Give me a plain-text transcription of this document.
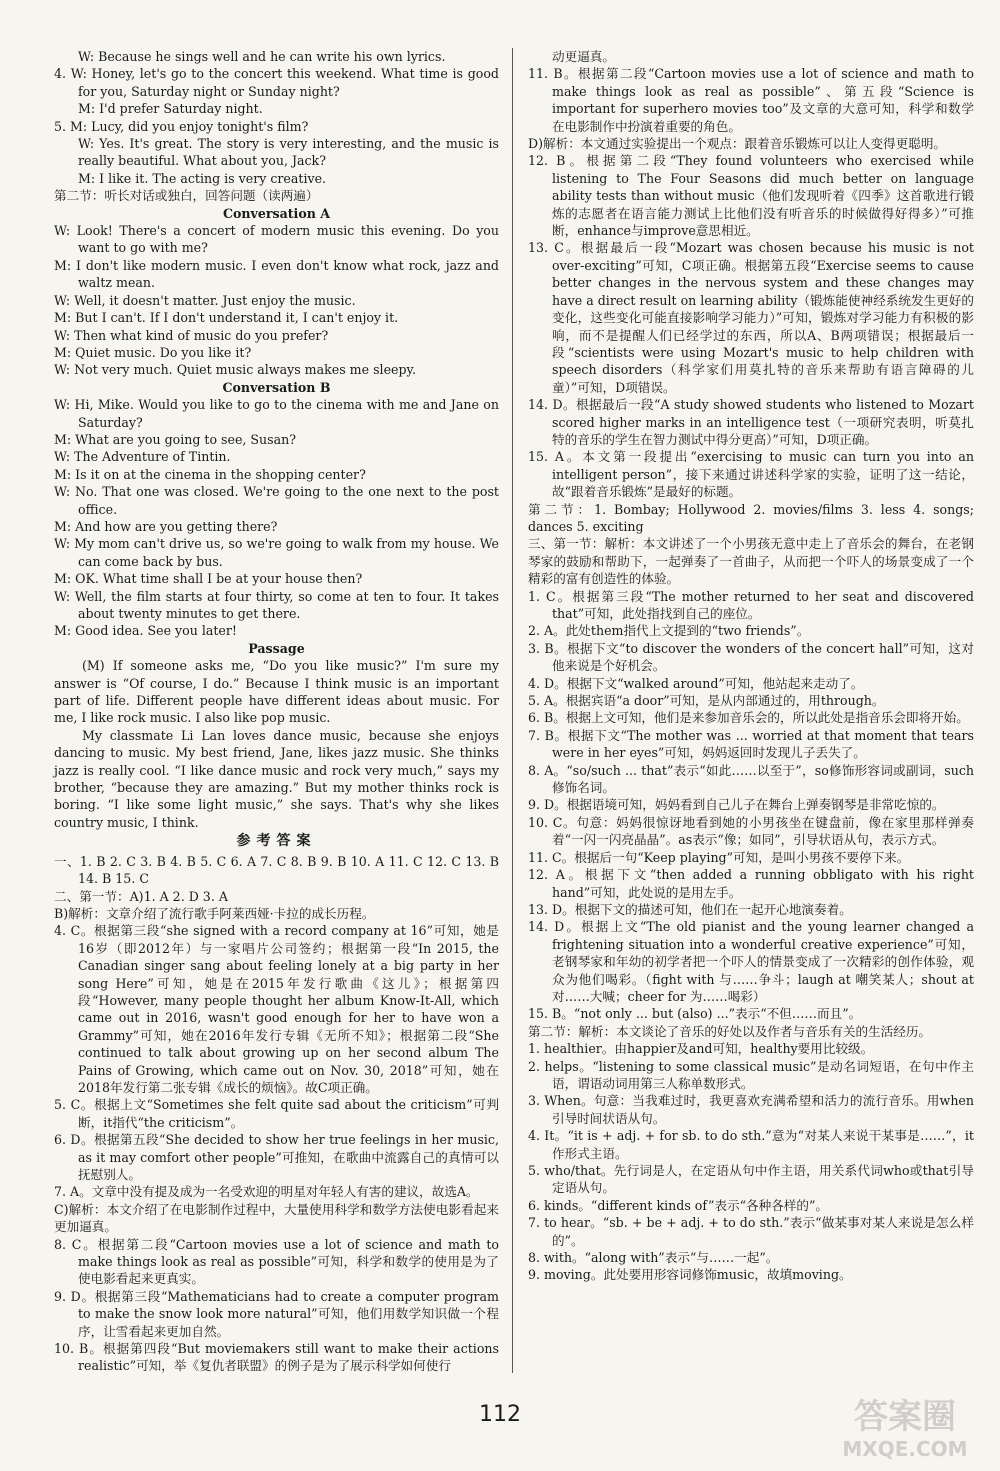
W: Because he sings well and he can write his own lyrics.

4. W: Honey, let's go to the concert this weekend. What time is good for you, Saturday night or Sunday night?

M: I'd prefer Saturday night.

5. M: Lucy, did you enjoy tonight's film?

W: Yes. It's great. The story is very interesting, and the music is really beautiful. What about you, Jack?

M: I like it. The acting is very creative.

第二节：听长对话或独白，回答问题（读两遍）

Conversation A

W: Look! There's a concert of modern music this evening. Do you want to go with me?

M: I don't like modern music. I even don't know what rock, jazz and waltz mean.

W: Well, it doesn't matter. Just enjoy the music.

M: But I can't. If I don't understand it, I can't enjoy it.

W: Then what kind of music do you prefer?

M: Quiet music. Do you like it?

W: Not very much. Quiet music always makes me sleepy.

Conversation B

W: Hi, Mike. Would you like to go to the cinema with me and Jane on Saturday?

M: What are you going to see, Susan?

W: The Adventure of Tintin.

M: Is it on at the cinema in the shopping center?

W: No. That one was closed. We're going to the one next to the post office.

M: And how are you getting there?

W: My mom can't drive us, so we're going to walk from my house. We can come back by bus.

M: OK. What time shall I be at your house then?

W: Well, the film starts at four thirty, so come at ten to four. It takes about twenty minutes to get there.

M: Good idea. See you later!

Passage

(M) If someone asks me, “Do you like music?” I'm sure my answer is “Of course, I do.” Because I think music is an important part of life. Different people have different ideas about music. For me, I like rock music. I also like pop music.

My classmate Li Lan loves dance music, because she enjoys dancing to music. My best friend, Jane, likes jazz music. She thinks jazz is really cool. “I like dance music and rock very much,” says my brother, “because they are amazing.” But my mother thinks rock is boring. “I like some light music,” she says. That's why she likes country music, I think.

参考答案

一、1. B 2. C 3. B 4. B 5. C 6. A 7. C 8. B 9. B 10. A 11. C 12. C 13. B 14. B 15. C

二、第一节：A)1. A 2. D 3. A

B)解析：文章介绍了流行歌手阿莱西娅·卡拉的成长历程。

4. C。根据第三段“she signed with a record company at 16”可知，她是16岁（即2012年）与一家唱片公司签约；根据第一段“In 2015, the Canadian singer sang about feeling lonely at a big party in her song Here”可知，她是在2015年发行歌曲《这儿》；根据第四段“However, many people thought her album Know-It-All, which came out in 2016, wasn't good enough for her to have won a Grammy”可知，她在2016年发行专辑《无所不知》；根据第二段“She continued to talk about growing up on her second album The Pains of Growing, which came out on Nov. 30, 2018”可知，她在2018年发行第二张专辑《成长的烦恼》。故C项正确。

5. C。根据上文“Sometimes she felt quite sad about the criticism”可判断，it指代“the criticism”。

6. D。根据第五段“She decided to show her true feelings in her music, as it may comfort other people”可推知，在歌曲中流露自己的真情可以抚慰别人。

7. A。文章中没有提及成为一名受欢迎的明星对年轻人有害的建议，故选A。

C)解析：本文介绍了在电影制作过程中，大量使用科学和数学方法使电影看起来更加逼真。

8. C。根据第二段“Cartoon movies use a lot of science and math to make things look as real as possible”可知，科学和数学的使用是为了使电影看起来更真实。

9. D。根据第三段“Mathematicians had to create a computer program to make the snow look more natural”可知，他们用数学知识做一个程序，让雪看起来更加自然。

10. B。根据第四段“But moviemakers still want to make their actions realistic”可知，举《复仇者联盟》的例子是为了展示科学如何使行

动更逼真。

11. B。根据第二段“Cartoon movies use a lot of science and math to make things look as real as possible”、第五段“Science is important for superhero movies too”及文章的大意可知，科学和数学在电影制作中扮演着重要的角色。

D)解析：本文通过实验提出一个观点：跟着音乐锻炼可以让人变得更聪明。

12. B。根据第二段“They found volunteers who exercised while listening to The Four Seasons did much better on language ability tests than without music（他们发现听着《四季》这首歌进行锻炼的志愿者在语言能力测试上比他们没有听音乐的时候做得好得多）”可推断，enhance与improve意思相近。

13. C。根据最后一段“Mozart was chosen because his music is not over-exciting”可知，C项正确。根据第五段“Exercise seems to cause better changes in the nervous system and these changes may have a direct result on learning ability（锻炼能使神经系统发生更好的变化，这些变化可能直接影响学习能力）”可知，锻炼对学习能力有积极的影响，而不是提醒人们已经学过的东西，所以A、B两项错误；根据最后一段“scientists were using Mozart's music to help children with speech disorders（科学家们用莫扎特的音乐来帮助有语言障碍的儿童）”可知，D项错误。

14. D。根据最后一段“A study showed students who listened to Mozart scored higher marks in an intelligence test（一项研究表明，听莫扎特的音乐的学生在智力测试中得分更高）”可知，D项正确。

15. A。本文第一段提出“exercising to music can turn you into an intelligent person”，接下来通过讲述科学家的实验，证明了这一结论，故“跟着音乐锻炼”是最好的标题。

第二节：1. Bombay; Hollywood 2. movies/films 3. less 4. songs; dances 5. exciting

三、第一节：解析：本文讲述了一个小男孩无意中走上了音乐会的舞台，在老钢琴家的鼓励和帮助下，一起弹奏了一首曲子，从而把一个吓人的场景变成了一个精彩的富有创造性的体验。

1. C。根据第三段“The mother returned to her seat and discovered that”可知，此处指找到自己的座位。

2. A。此处them指代上文提到的“two friends”。

3. B。根据下文“to discover the wonders of the concert hall”可知，这对他来说是个好机会。

4. D。根据下文“walked around”可知，他站起来走动了。

5. A。根据宾语“a door”可知，是从内部通过的，用through。

6. B。根据上文可知，他们是来参加音乐会的，所以此处是指音乐会即将开始。

7. B。根据下文“The mother was ... worried at that moment that tears were in her eyes”可知，妈妈返回时发现儿子丢失了。

8. A。“so/such ... that”表示“如此……以至于”，so修饰形容词或副词，such修饰名词。

9. D。根据语境可知，妈妈看到自己儿子在舞台上弹奏钢琴是非常吃惊的。

10. C。句意：妈妈很惊讶地看到她的小男孩坐在键盘前，像在家里那样弹奏着“一闪一闪亮晶晶”。as表示“像；如同”，引导状语从句，表示方式。

11. C。根据后一句“Keep playing”可知，是叫小男孩不要停下来。

12. A。根据下文“then added a running obbligato with his right hand”可知，此处说的是用左手。

13. D。根据下文的描述可知，他们在一起开心地演奏着。

14. D。根据上文“The old pianist and the young learner changed a frightening situation into a wonderful creative experience”可知，老钢琴家和年幼的初学者把一个吓人的情景变成了一次精彩的创作体验，观众为他们喝彩。（fight with 与……争斗；laugh at 嘲笑某人；shout at 对……大喊；cheer for 为……喝彩）

15. B。“not only ... but (also) ...”表示“不但……而且”。

第二节：解析：本文谈论了音乐的好处以及作者与音乐有关的生活经历。

1. healthier。由happier及and可知，healthy要用比较级。

2. helps。“listening to some classical music”是动名词短语，在句中作主语，谓语动词用第三人称单数形式。

3. When。句意：当我难过时，我更喜欢充满希望和活力的流行音乐。用when引导时间状语从句。

4. It。“it is + adj. + for sb. to do sth.”意为“对某人来说干某事是……”，it作形式主语。

5. who/that。先行词是人，在定语从句中作主语，用关系代词who或that引导定语从句。

6. kinds。“different kinds of”表示“各种各样的”。

7. to hear。“sb. + be + adj. + to do sth.”表示“做某事对某人来说是怎么样的”。

8. with。“along with”表示“与……一起”。

9. moving。此处要用形容词修饰music，故填moving。

112	答案圈
MXQE.COM
